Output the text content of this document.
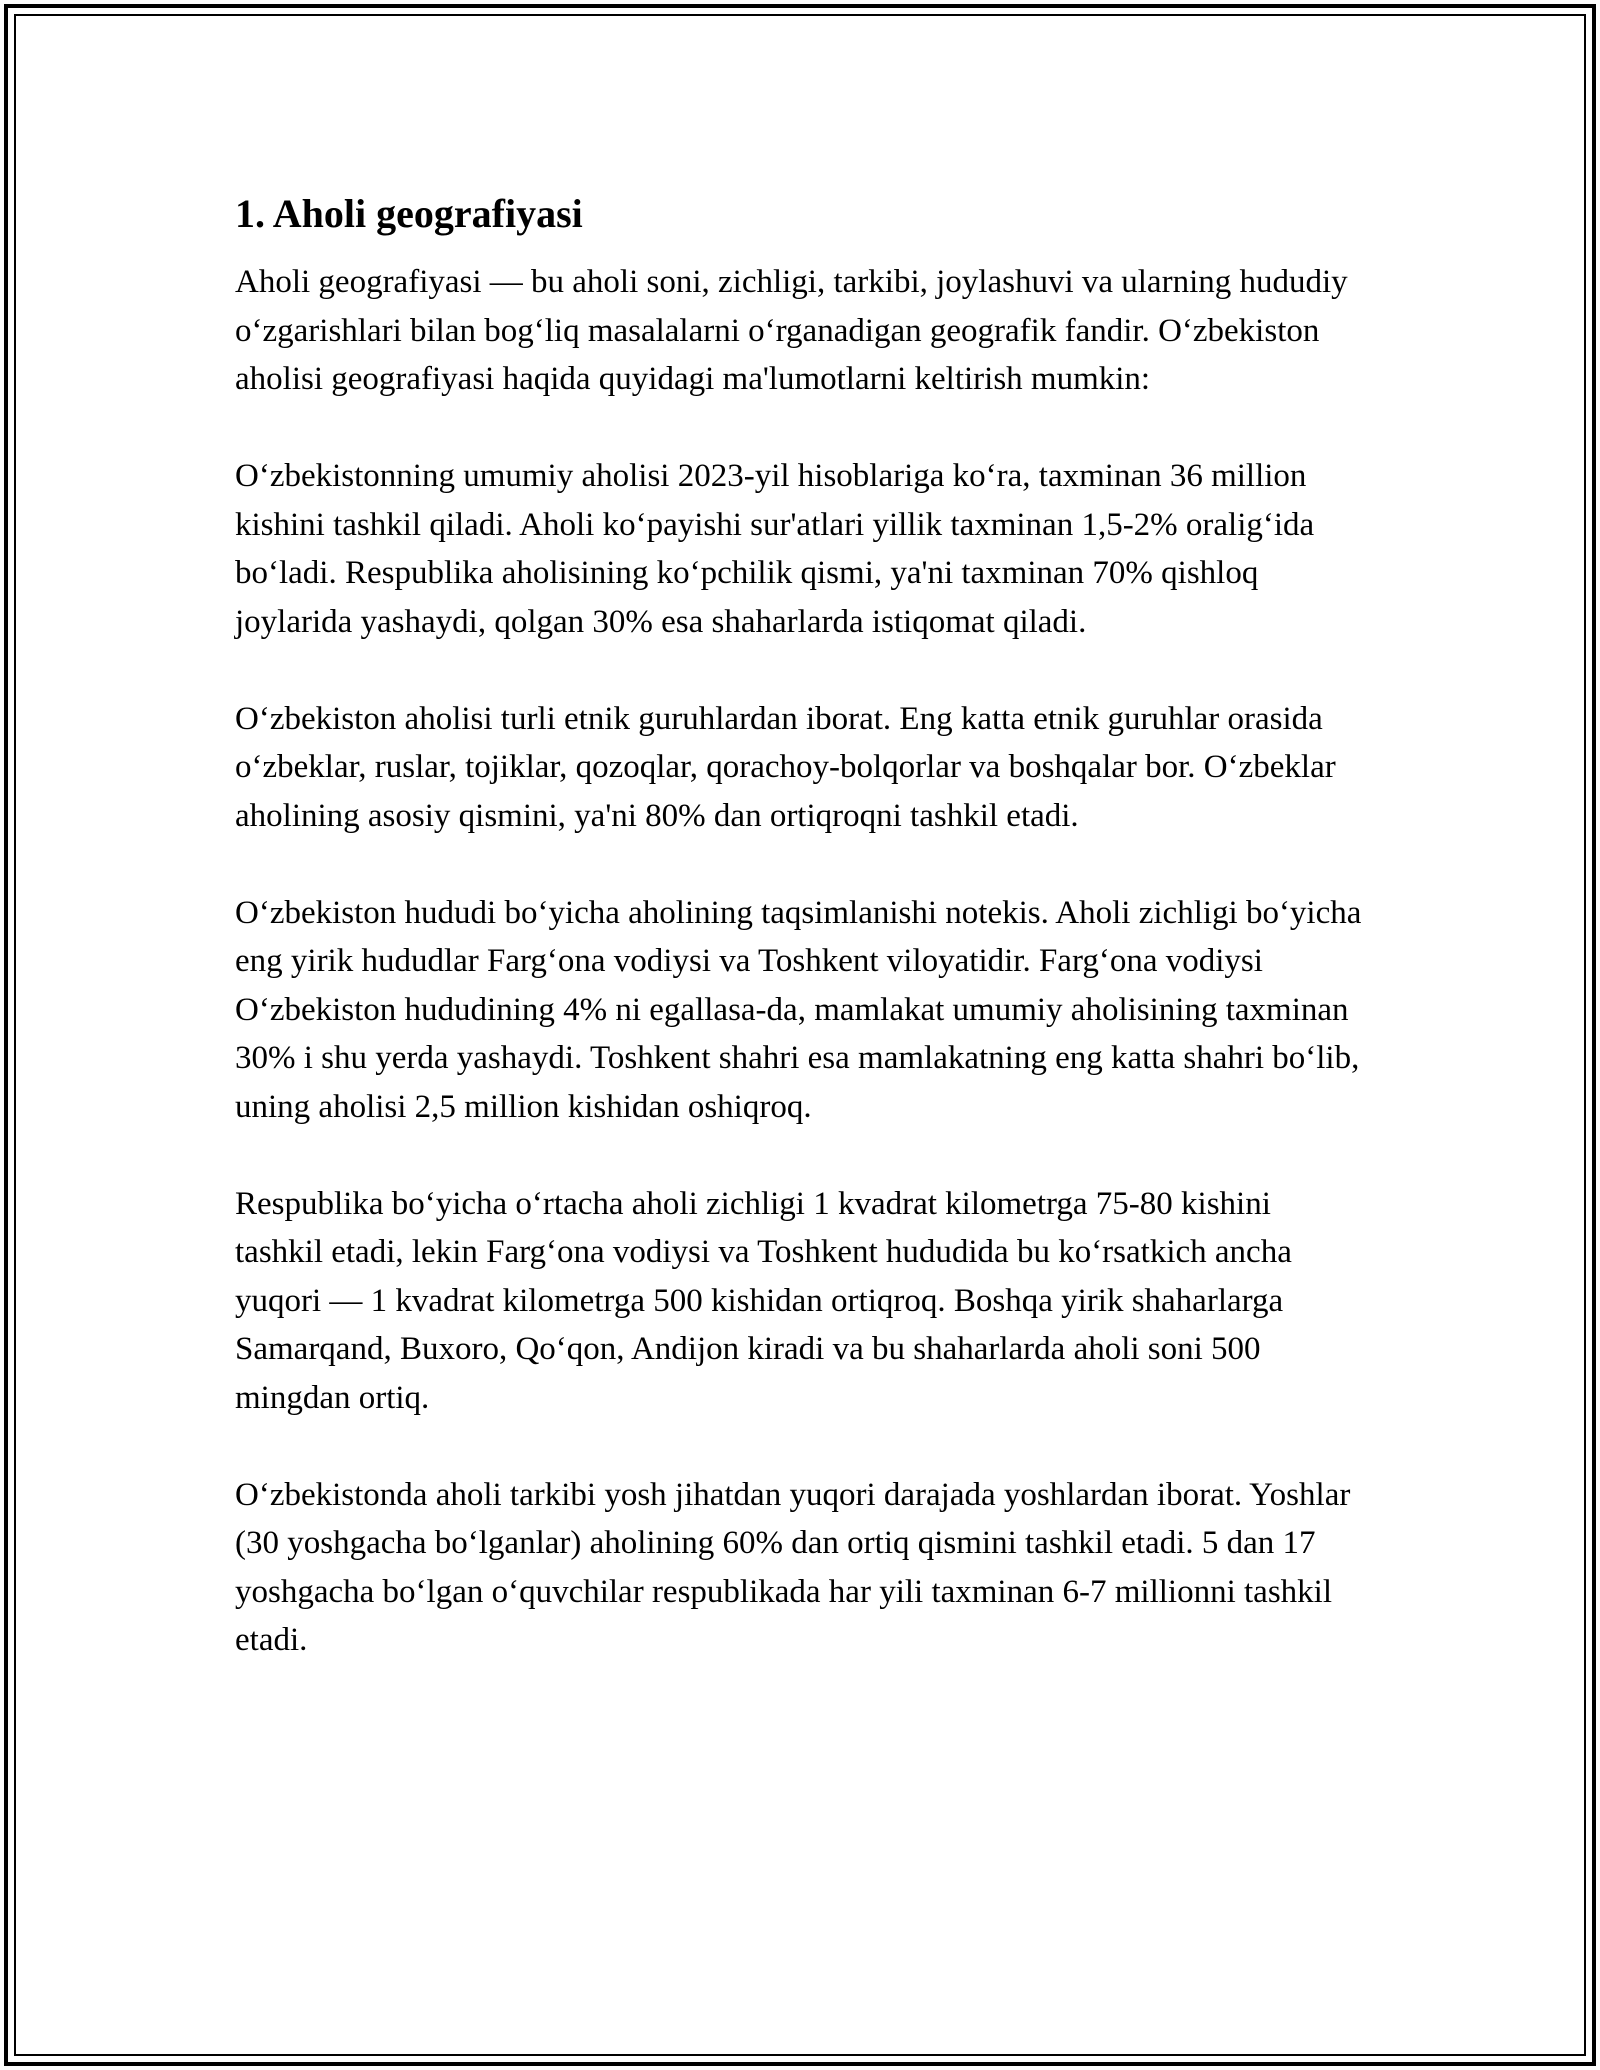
1. Aholi geografiyasi

Aholi geografiyasi — bu aholi soni, zichligi, tarkibi, joylashuvi va ularning hududiy o‘zgarishlari bilan bog‘liq masalalarni o‘rganadigan geografik fandir. O‘zbekiston aholisi geografiyasi haqida quyidagi ma'lumotlarni keltirish mumkin:

O‘zbekistonning umumiy aholisi 2023-yil hisoblariga ko‘ra, taxminan 36 million kishini tashkil qiladi. Aholi ko‘payishi sur'atlari yillik taxminan 1,5-2% oralig‘ida bo‘ladi. Respublika aholisining ko‘pchilik qismi, ya'ni taxminan 70% qishloq joylarida yashaydi, qolgan 30% esa shaharlarda istiqomat qiladi.

O‘zbekiston aholisi turli etnik guruhlardan iborat. Eng katta etnik guruhlar orasida o‘zbeklar, ruslar, tojiklar, qozoqlar, qorachoy-bolqorlar va boshqalar bor. O‘zbeklar aholining asosiy qismini, ya'ni 80% dan ortiqroqni tashkil etadi.

O‘zbekiston hududi bo‘yicha aholining taqsimlanishi notekis. Aholi zichligi bo‘yicha eng yirik hududlar Farg‘ona vodiysi va Toshkent viloyatidir. Farg‘ona vodiysi O‘zbekiston hududining 4% ni egallasa-da, mamlakat umumiy aholisining taxminan 30% i shu yerda yashaydi. Toshkent shahri esa mamlakatning eng katta shahri bo‘lib, uning aholisi 2,5 million kishidan oshiqroq.

Respublika bo‘yicha o‘rtacha aholi zichligi 1 kvadrat kilometrga 75-80 kishini tashkil etadi, lekin Farg‘ona vodiysi va Toshkent hududida bu ko‘rsatkich ancha yuqori — 1 kvadrat kilometrga 500 kishidan ortiqroq. Boshqa yirik shaharlarga Samarqand, Buxoro, Qo‘qon, Andijon kiradi va bu shaharlarda aholi soni 500 mingdan ortiq.

O‘zbekistonda aholi tarkibi yosh jihatdan yuqori darajada yoshlardan iborat. Yoshlar (30 yoshgacha bo‘lganlar) aholining 60% dan ortiq qismini tashkil etadi. 5 dan 17 yoshgacha bo‘lgan o‘quvchilar respublikada har yili taxminan 6-7 millionni tashkil etadi.
